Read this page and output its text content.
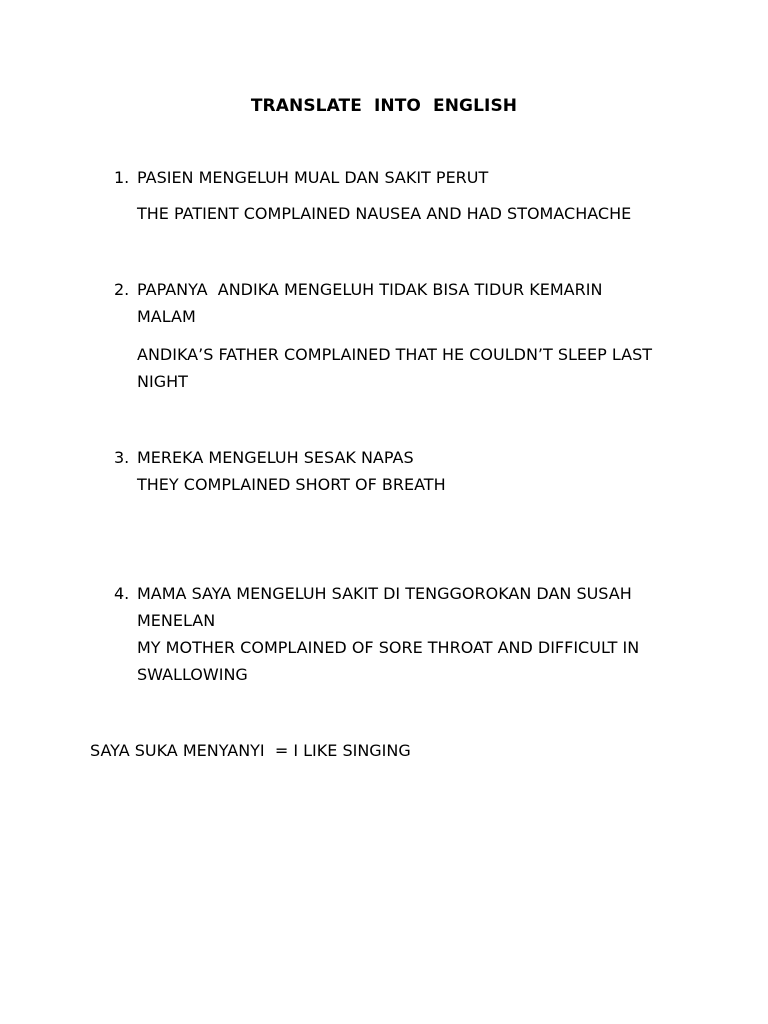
TRANSLATE  INTO  ENGLISH
1. PASIEN MENGELUH MUAL DAN SAKIT PERUT
THE PATIENT COMPLAINED NAUSEA AND HAD STOMACHACHE
2. PAPANYA  ANDIKA MENGELUH TIDAK BISA TIDUR KEMARIN
MALAM
ANDIKA’S FATHER COMPLAINED THAT HE COULDN’T SLEEP LAST
NIGHT
3. MEREKA MENGELUH SESAK NAPAS
THEY COMPLAINED SHORT OF BREATH
4. MAMA SAYA MENGELUH SAKIT DI TENGGOROKAN DAN SUSAH
MENELAN
MY MOTHER COMPLAINED OF SORE THROAT AND DIFFICULT IN
SWALLOWING
SAYA SUKA MENYANYI  = I LIKE SINGING
